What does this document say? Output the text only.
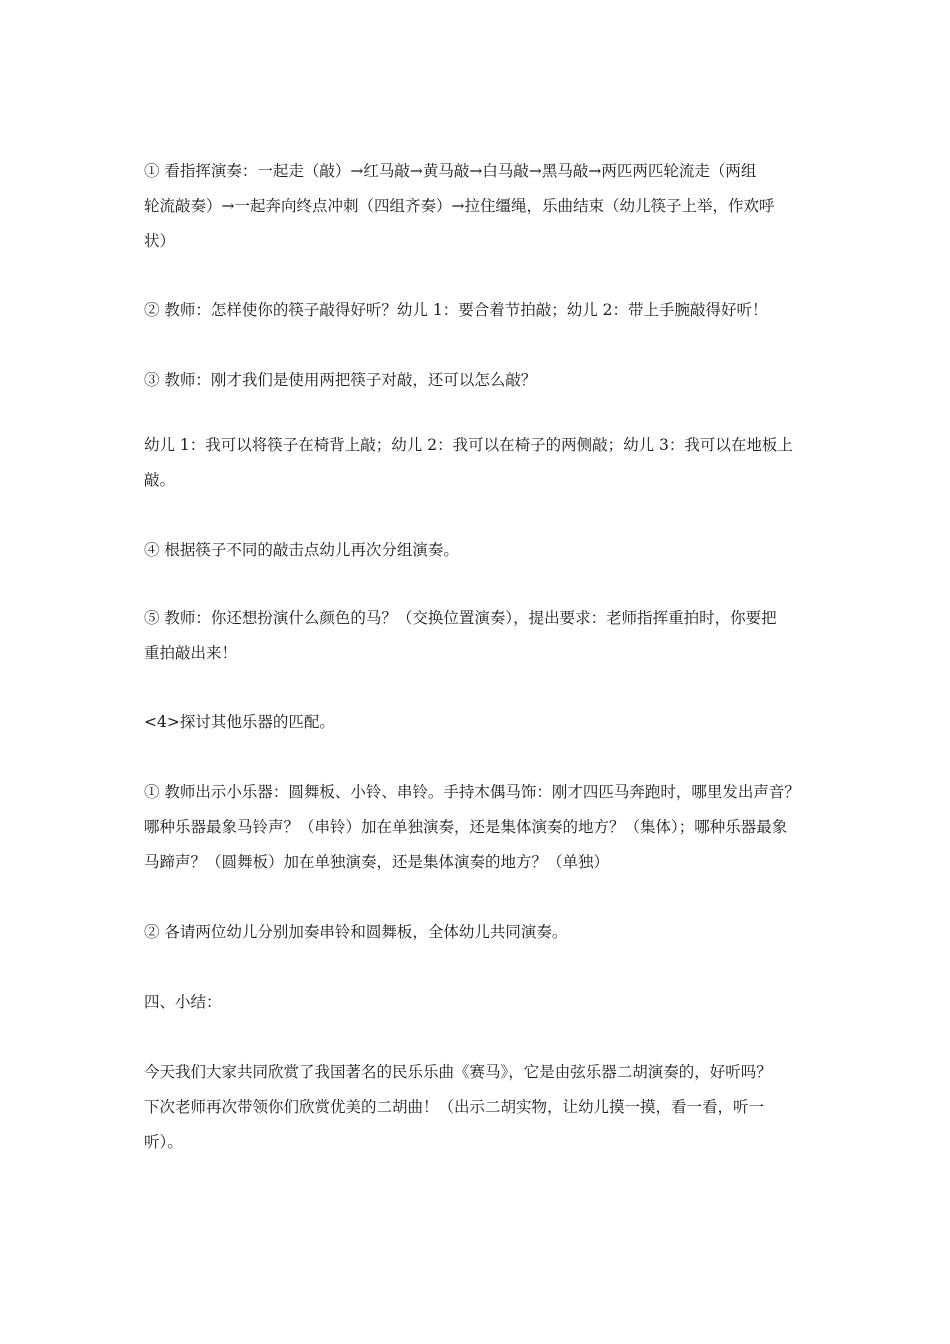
① 看指挥演奏：一起走（敲）→红马敲→黄马敲→白马敲→黑马敲→两匹两匹轮流走（两组
轮流敲奏）→一起奔向终点冲刺（四组齐奏）→拉住缰绳，乐曲结束（幼儿筷子上举，作欢呼
状）

② 教师：怎样使你的筷子敲得好听？幼儿 1：要合着节拍敲；幼儿 2：带上手腕敲得好听！

③ 教师：刚才我们是使用两把筷子对敲，还可以怎么敲？

幼儿 1：我可以将筷子在椅背上敲；幼儿 2：我可以在椅子的两侧敲；幼儿 3：我可以在地板上
敲。

④ 根据筷子不同的敲击点幼儿再次分组演奏。

⑤ 教师：你还想扮演什么颜色的马？（交换位置演奏），提出要求：老师指挥重拍时，你要把
重拍敲出来！

<4>探讨其他乐器的匹配。

① 教师出示小乐器：圆舞板、小铃、串铃。手持木偶马饰：刚才四匹马奔跑时，哪里发出声音？
哪种乐器最象马铃声？（串铃）加在单独演奏，还是集体演奏的地方？（集体）；哪种乐器最象
马蹄声？（圆舞板）加在单独演奏，还是集体演奏的地方？（单独）

② 各请两位幼儿分别加奏串铃和圆舞板，全体幼儿共同演奏。

四、小结：

今天我们大家共同欣赏了我国著名的民乐乐曲《赛马》，它是由弦乐器二胡演奏的，好听吗？
下次老师再次带领你们欣赏优美的二胡曲！（出示二胡实物，让幼儿摸一摸，看一看，听一
听）。
